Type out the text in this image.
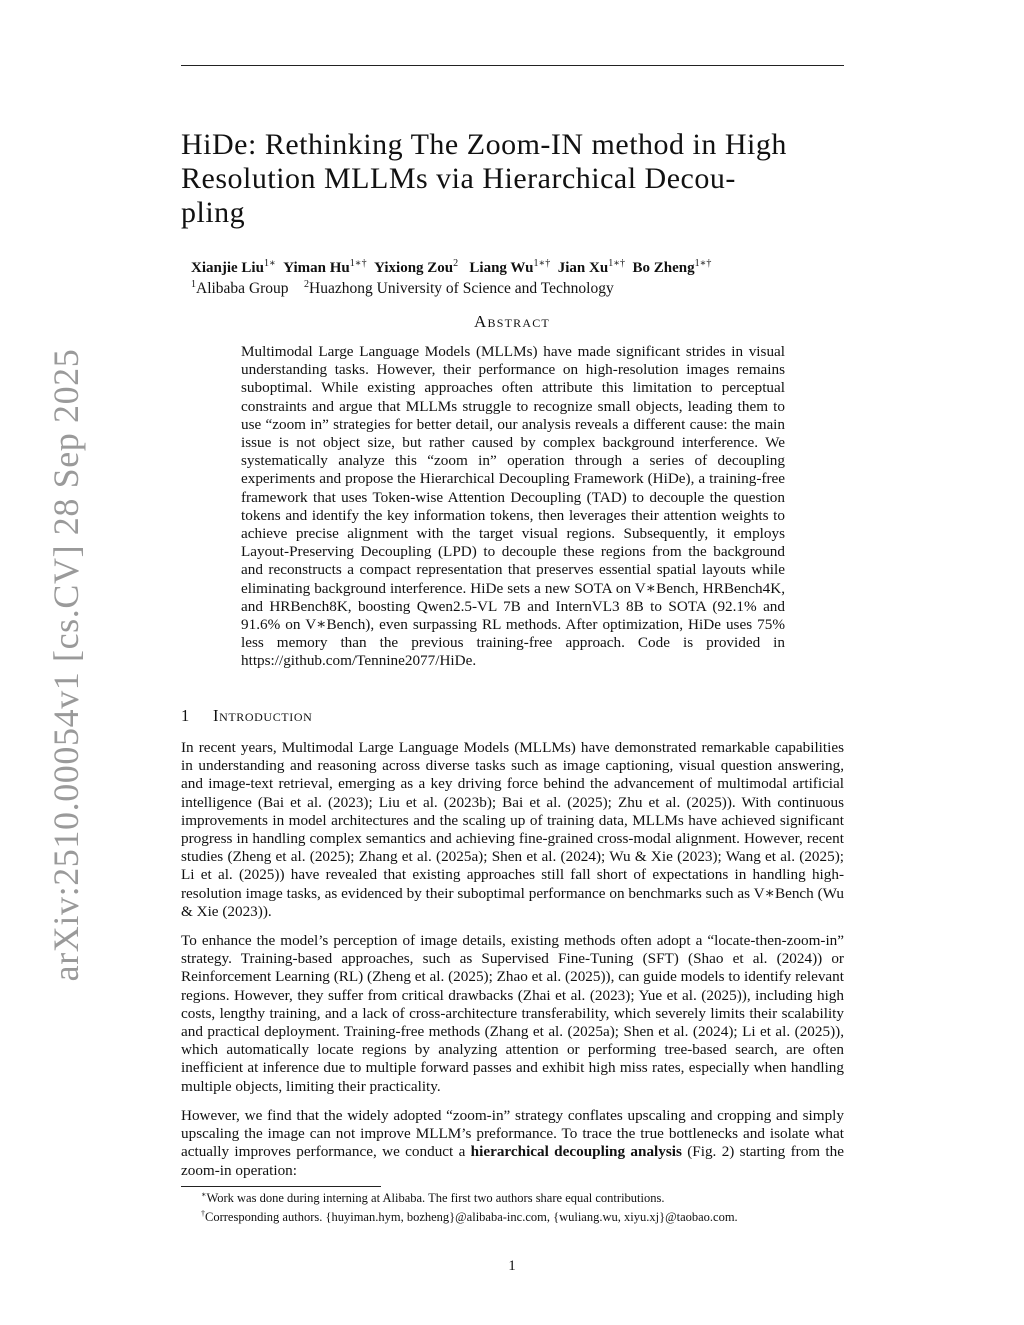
arXiv:2510.00054v1 [cs.CV] 28 Sep 2025
HiDe: Rethinking The Zoom-IN method in High
Resolution MLLMs via Hierarchical Decou-
pling
Xianjie Liu$^{1∗}$ Yiman $Hu^{1∗\dagger}$ Yixiong Zou$^2$ Liang $Wu^{1∗\dagger}$ Jian $Xu^{1∗\dagger}$ Bo Zheng$^{1∗\dagger}$
$^1$Alibaba Group $^2$Huazhong University of Science and Technology
Abstract

Multimodal Large Language Models (MLLMs) have made significant strides in visual understanding tasks. However, their performance on high-resolution images remains suboptimal. While existing approaches often attribute this limitation to perceptual constraints and argue that MLLMs struggle to recognize small objects, leading them to use “zoom in” strategies for better detail, our analysis reveals a different cause: the main issue is not object size, but rather caused by complex background interference. We systematically analyze this “zoom in” operation through a series of decoupling experiments and propose the Hierarchical Decoupling Framework (HiDe), a training-free framework that uses Token-wise Attention Decoupling (TAD) to decouple the question tokens and identify the key information tokens, then leverages their attention weights to achieve precise alignment with the target visual regions. Subsequently, it employs Layout-Preserving Decoupling (LPD) to decouple these regions from the background and reconstructs a compact representation that preserves essential spatial layouts while eliminating background interference. HiDe sets a new SOTA on V∗Bench, HRBench4K, and HRBench8K, boosting Qwen2.5-VL 7B and InternVL3 8B to SOTA (92.1% and 91.6% on V∗Bench), even surpassing RL methods. After optimization, HiDe uses 75% less memory than the previous training-free approach. Code is provided in https://github.com/Tennine2077/HiDe.

1 Introduction

In recent years, Multimodal Large Language Models (MLLMs) have demonstrated remarkable capabilities in understanding and reasoning across diverse tasks such as image captioning, visual question answering, and image-text retrieval, emerging as a key driving force behind the advancement of multimodal artificial intelligence (Bai et al. (2023); Liu et al. (2023b); Bai et al. (2025); Zhu et al. (2025)). With continuous improvements in model architectures and the scaling up of training data, MLLMs have achieved significant progress in handling complex semantics and achieving fine-grained cross-modal alignment. However, recent studies (Zheng et al. (2025); Zhang et al. (2025a); Shen et al. (2024); Wu & Xie (2023); Wang et al. (2025); Li et al. (2025)) have revealed that existing approaches still fall short of expectations in handling high-resolution image tasks, as evidenced by their suboptimal performance on benchmarks such as V∗Bench (Wu & Xie (2023)).

To enhance the model’s perception of image details, existing methods often adopt a “locate-then-zoom-in” strategy. Training-based approaches, such as Supervised Fine-Tuning (SFT) (Shao et al. (2024)) or Reinforcement Learning (RL) (Zheng et al. (2025); Zhao et al. (2025)), can guide models to identify relevant regions. However, they suffer from critical drawbacks (Zhai et al. (2023); Yue et al. (2025)), including high costs, lengthy training, and a lack of cross-architecture transferability, which severely limits their scalability and practical deployment. Training-free methods (Zhang et al. (2025a); Shen et al. (2024); Li et al. (2025)), which automatically locate regions by analyzing attention or performing tree-based search, are often inefficient at inference due to multiple forward passes and exhibit high miss rates, especially when handling multiple objects, limiting their practicality.

However, we find that the widely adopted “zoom-in” strategy conflates upscaling and cropping and simply upscaling the image can not improve MLLM’s preformance. To trace the true bottlenecks and isolate what actually improves performance, we conduct a hierarchical decoupling analysis (Fig. 2) starting from the zoom-in operation:

∗Work was done during interning at Alibaba. The first two authors share equal contributions.
†Corresponding authors. {huyiman.hym, bozheng}@alibaba-inc.com, {wuliang.wu, xiyu.xj}@taobao.com.
1
